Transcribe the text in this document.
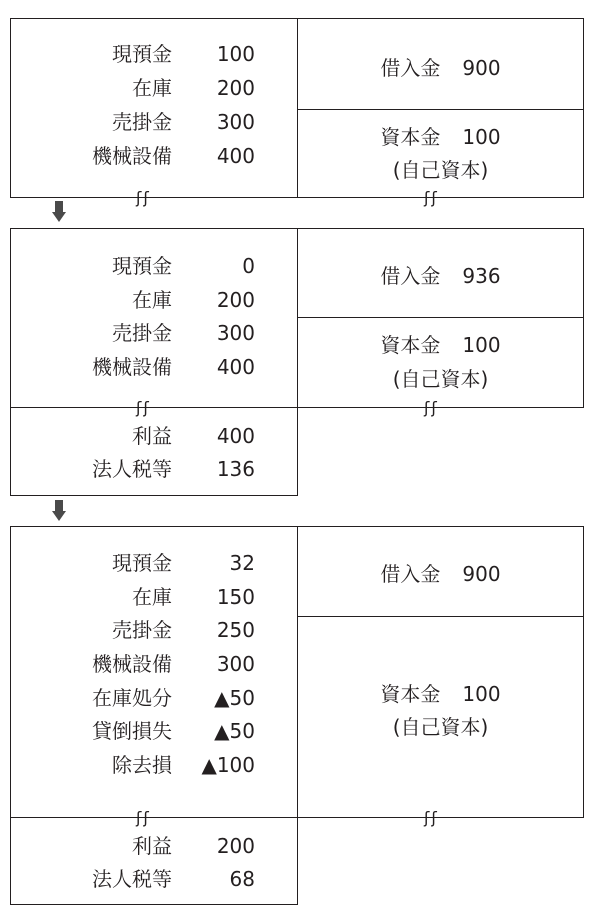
現預金 100
在庫 200
売掛金 300
機械設備 400
借入金 900
資本金 100
(自己資本)
ʃʃ	ʃʃ
現預金	0
在庫 200
売掛金 300
機械設備 400
利益 400
法人税等 136
借入金 936
資本金 100
(自己資本)
ʃʃ	ʃʃ
現預金	32
在庫 150
売掛金 250
機械設備 300
在庫処分 ▲50
貸倒損失 ▲50
除去損 ▲100
利益 200
法人税等	68
借入金 900
資本金 100
(自己資本)
ʃʃ	ʃʃ
